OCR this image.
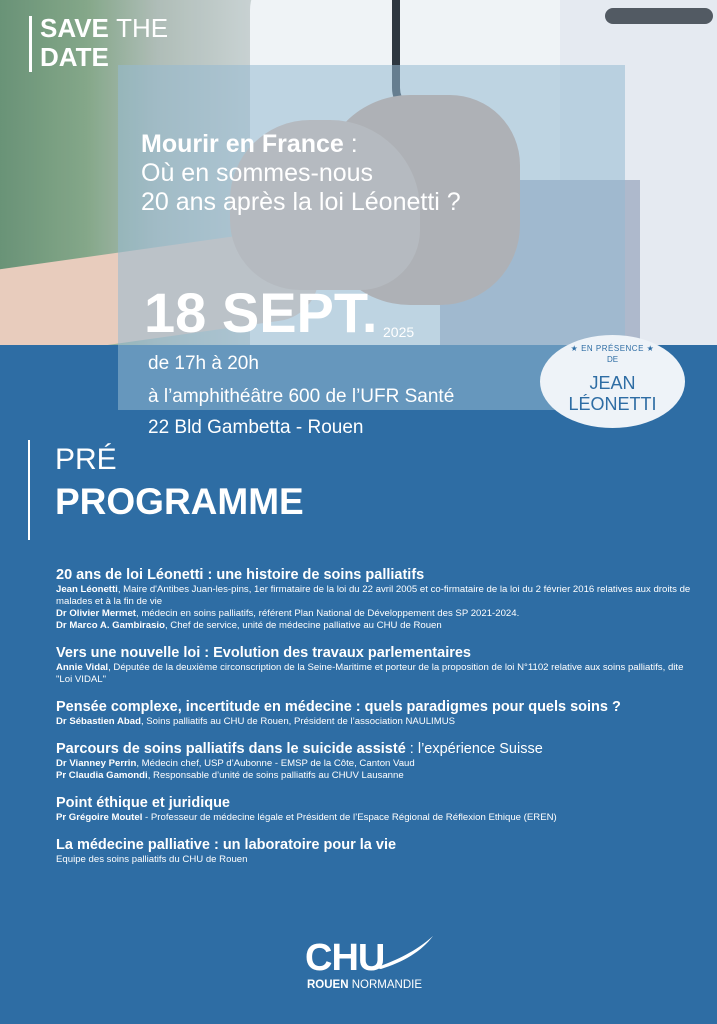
SAVE THE
DATE
Mourir en France :
Où en sommes-nous
20 ans après la loi Léonetti ?
18 SEPT. 2025
de 17h à 20h
à l’amphithéâtre 600 de l’UFR Santé
22 Bld Gambetta - Rouen
★ EN PRÉSENCE ★
DE
JEAN
LÉONETTI
PRÉ
PROGRAMME
20 ans de loi Léonetti : une histoire de soins palliatifs
Jean Léonetti, Maire d'Antibes Juan-les-pins, 1er firmataire de la loi du 22 avril 2005 et co-firmataire de la loi du 2 février 2016 relatives aux droits de malades et à la fin de vie
Dr Olivier Mermet, médecin en soins palliatifs, référent Plan National de Développement des SP 2021-2024.
Dr Marco A. Gambirasio, Chef de service, unité de médecine palliative au CHU de Rouen
Vers une nouvelle loi : Evolution des travaux parlementaires
Annie Vidal, Députée de la deuxième circonscription de la Seine-Maritime et porteur de la proposition de loi N°1102 relative aux soins palliatifs, dite "Loi VIDAL"
Pensée complexe, incertitude en médecine : quels paradigmes pour quels soins ?
Dr Sébastien Abad, Soins palliatifs au CHU de Rouen, Président de l’association NAULIMUS
Parcours de soins palliatifs dans le suicide assisté : l’expérience Suisse
Dr Vianney Perrin, Médecin chef, USP d’Aubonne - EMSP de la Côte, Canton Vaud
Pr Claudia Gamondi, Responsable d’unité de soins palliatifs au CHUV Lausanne
Point éthique et juridique
Pr Grégoire Moutel - Professeur de médecine légale et Président de l’Espace Régional de Réflexion Ethique (EREN)
La médecine palliative : un laboratoire pour la vie
Equipe des soins palliatifs du CHU de Rouen
CHU
ROUEN NORMANDIE
